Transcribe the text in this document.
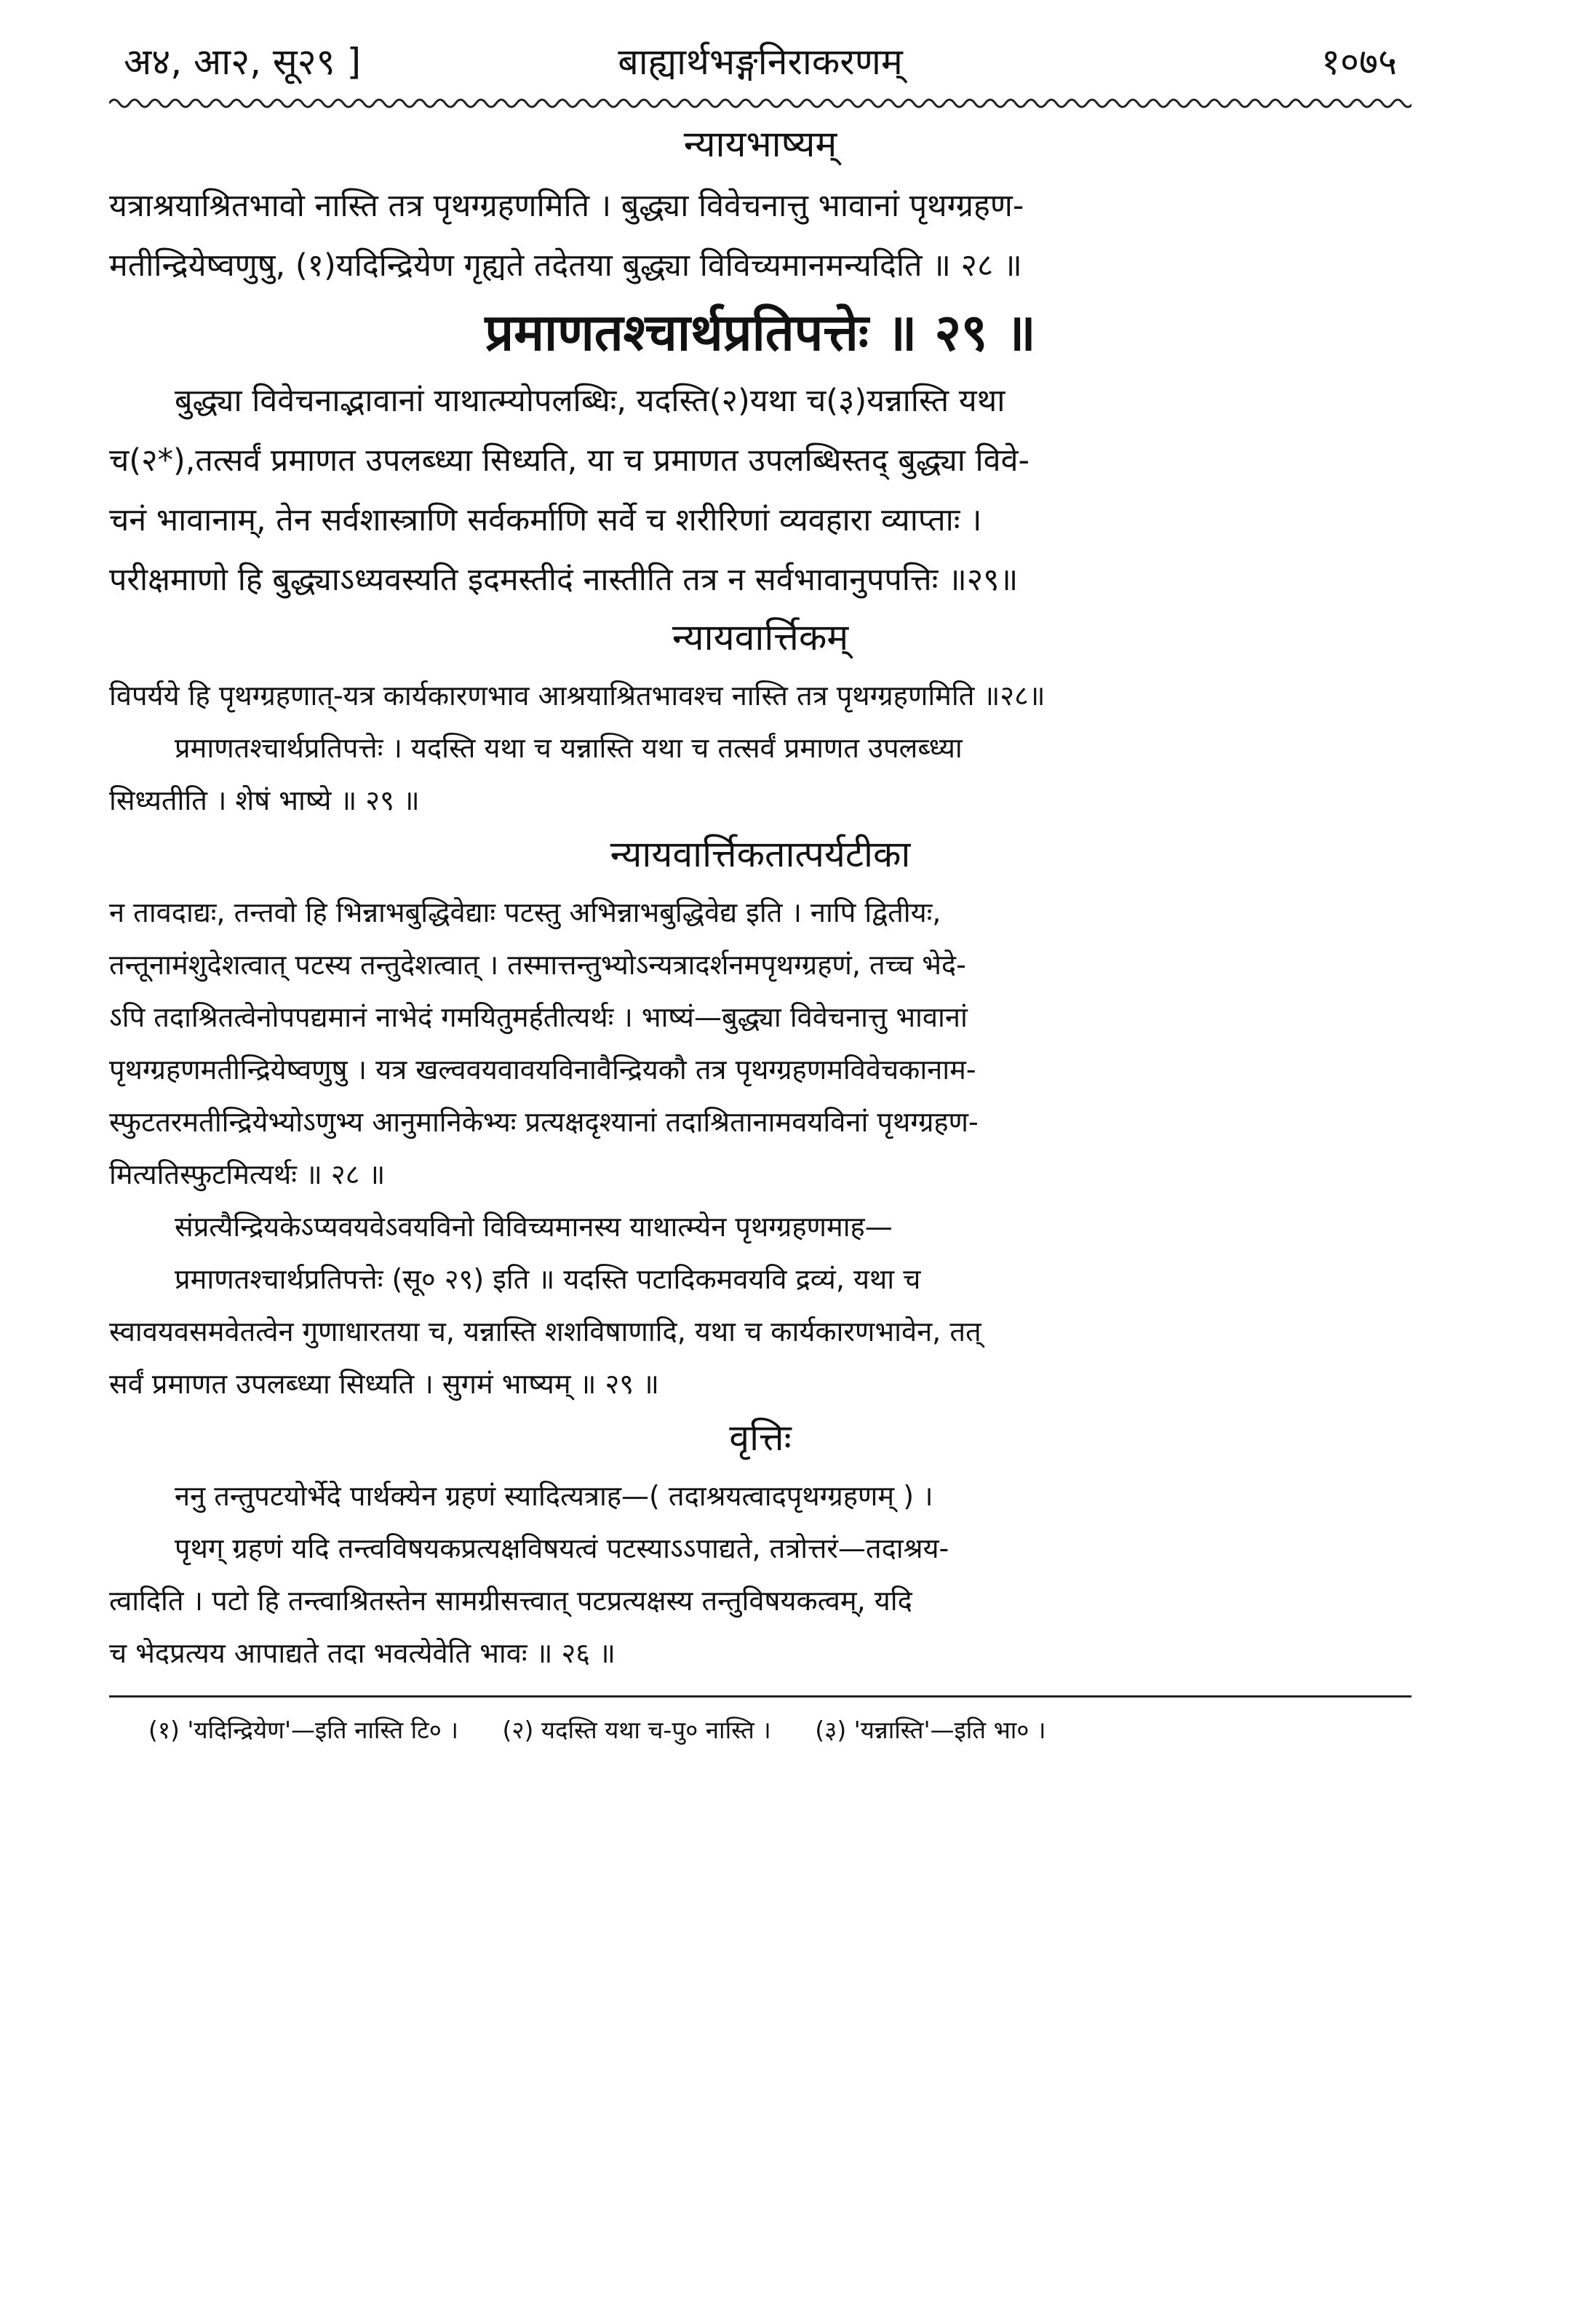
अ४, आ२, सू२९ ]	बाह्यार्थभङ्गनिराकरणम्	१०७५
न्यायभाष्यम्

यत्राश्रयाश्रितभावो नास्ति तत्र पृथग्ग्रहणमिति । बुद्ध्या विवेचनात्तु भावानां पृथग्ग्रहण-

मतीन्द्रियेष्वणुषु, (१)यदिन्द्रियेण गृह्यते तदेतया बुद्ध्या विविच्यमानमन्यदिति ॥ २८ ॥

प्रमाणतश्चार्थप्रतिपत्तेः ॥ २९ ॥

बुद्ध्या विवेचनाद्भावानां याथात्म्योपलब्धिः, यदस्ति(२)यथा च(३)यन्नास्ति यथा

च(२*),तत्सर्वं प्रमाणत उपलब्ध्या सिध्यति, या च प्रमाणत उपलब्धिस्तद् बुद्ध्या विवे-

चनं भावानाम्, तेन सर्वशास्त्राणि सर्वकर्माणि सर्वे च शरीरिणां व्यवहारा व्याप्ताः ।

परीक्षमाणो हि बुद्ध्याऽध्यवस्यति इदमस्तीदं नास्तीति तत्र न सर्वभावानुपपत्तिः ॥२९॥

न्यायवार्त्तिकम्

विपर्यये हि पृथग्ग्रहणात्-यत्र कार्यकारणभाव आश्रयाश्रितभावश्च नास्ति तत्र पृथग्ग्रहणमिति ॥२८॥

प्रमाणतश्चार्थप्रतिपत्तेः । यदस्ति यथा च यन्नास्ति यथा च तत्सर्वं प्रमाणत उपलब्ध्या

सिध्यतीति । शेषं भाष्ये ॥ २९ ॥

न्यायवार्त्तिकतात्पर्यटीका

न तावदाद्यः, तन्तवो हि भिन्नाभबुद्धिवेद्याः पटस्तु अभिन्नाभबुद्धिवेद्य इति । नापि द्वितीयः,

तन्तूनामंशुदेशत्वात् पटस्य तन्तुदेशत्वात् । तस्मात्तन्तुभ्योऽन्यत्रादर्शनमपृथग्ग्रहणं, तच्च भेदे-

ऽपि तदाश्रितत्वेनोपपद्यमानं नाभेदं गमयितुमर्हतीत्यर्थः । भाष्यं—बुद्ध्या विवेचनात्तु भावानां

पृथग्ग्रहणमतीन्द्रियेष्वणुषु । यत्र खल्ववयवावयविनावैन्द्रियकौ तत्र पृथग्ग्रहणमविवेचकानाम-

स्फुटतरमतीन्द्रियेभ्योऽणुभ्य आनुमानिकेभ्यः प्रत्यक्षदृश्यानां तदाश्रितानामवयविनां पृथग्ग्रहण-

मित्यतिस्फुटमित्यर्थः ॥ २८ ॥

संप्रत्यैन्द्रियकेऽप्यवयवेऽवयविनो विविच्यमानस्य याथात्म्येन पृथग्ग्रहणमाह—

प्रमाणतश्चार्थप्रतिपत्तेः (सू० २९) इति ॥ यदस्ति पटादिकमवयवि द्रव्यं, यथा च

स्वावयवसमवेतत्वेन गुणाधारतया च, यन्नास्ति शशविषाणादि, यथा च कार्यकारणभावेन, तत्

सर्वं प्रमाणत उपलब्ध्या सिध्यति । सुगमं भाष्यम् ॥ २९ ॥

वृत्तिः

ननु तन्तुपटयोर्भेदे पार्थक्येन ग्रहणं स्यादित्यत्राह—( तदाश्रयत्वादपृथग्ग्रहणम् ) ।

पृथग् ग्रहणं यदि तन्त्वविषयकप्रत्यक्षविषयत्वं पटस्याऽऽपाद्यते, तत्रोत्तरं—तदाश्रय-

त्वादिति । पटो हि तन्त्वाश्रितस्तेन सामग्रीसत्त्वात् पटप्रत्यक्षस्य तन्तुविषयकत्वम्, यदि

च भेदप्रत्यय आपाद्यते तदा भवत्येवेति भावः ॥ २६ ॥

(१) 'यदिन्द्रियेण'—इति नास्ति टि० । (२) यदस्ति यथा च-पु० नास्ति । (३) 'यन्नास्ति'—इति भा० ।
